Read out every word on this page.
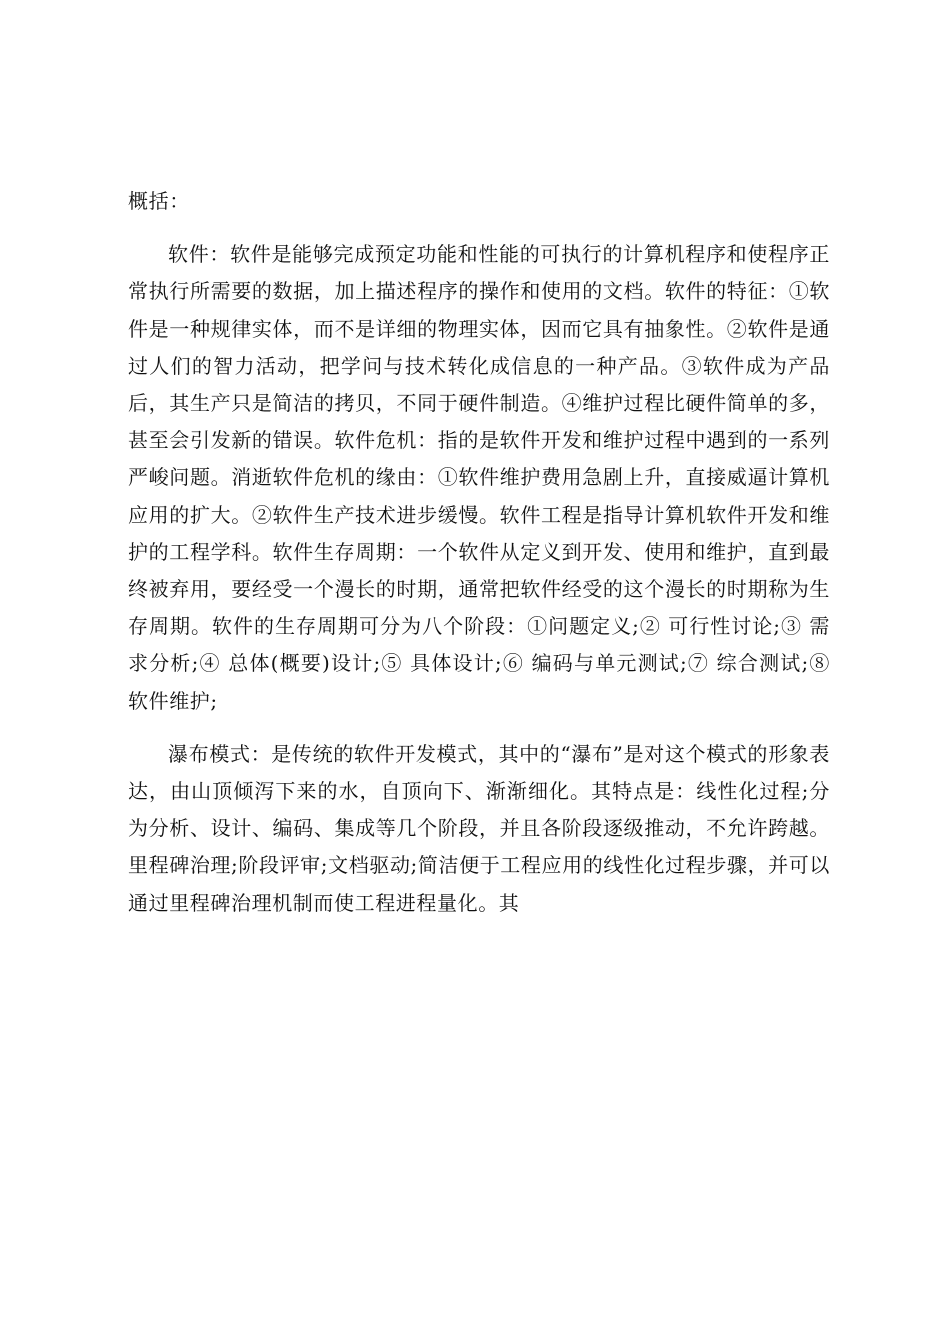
概括：

软件：软件是能够完成预定功能和性能的可执行的计算机程序和使程序正常执行所需要的数据，加上描述程序的操作和使用的文档。软件的特征：①软件是一种规律实体，而不是详细的物理实体，因而它具有抽象性。②软件是通过人们的智力活动，把学问与技术转化成信息的一种产品。③软件成为产品后，其生产只是简洁的拷贝，不同于硬件制造。④维护过程比硬件简单的多，甚至会引发新的错误。软件危机：指的是软件开发和维护过程中遇到的一系列严峻问题。消逝软件危机的缘由：①软件维护费用急剧上升，直接威逼计算机应用的扩大。②软件生产技术进步缓慢。软件工程是指导计算机软件开发和维护的工程学科。软件生存周期：一个软件从定义到开发、使用和维护，直到最终被弃用，要经受一个漫长的时期，通常把软件经受的这个漫长的时期称为生存周期。软件的生存周期可分为八个阶段：①问题定义;② 可行性讨论;③ 需求分析;④ 总体(概要)设计;⑤ 具体设计;⑥ 编码与单元测试;⑦ 综合测试;⑧ 软件维护;

瀑布模式：是传统的软件开发模式，其中的“瀑布”是对这个模式的形象表达，由山顶倾泻下来的水，自顶向下、渐渐细化。其特点是：线性化过程;分为分析、设计、编码、集成等几个阶段，并且各阶段逐级推动，不允许跨越。里程碑治理;阶段评审;文档驱动;简洁便于工程应用的线性化过程步骤，并可以通过里程碑治理机制而使工程进程量化。其
